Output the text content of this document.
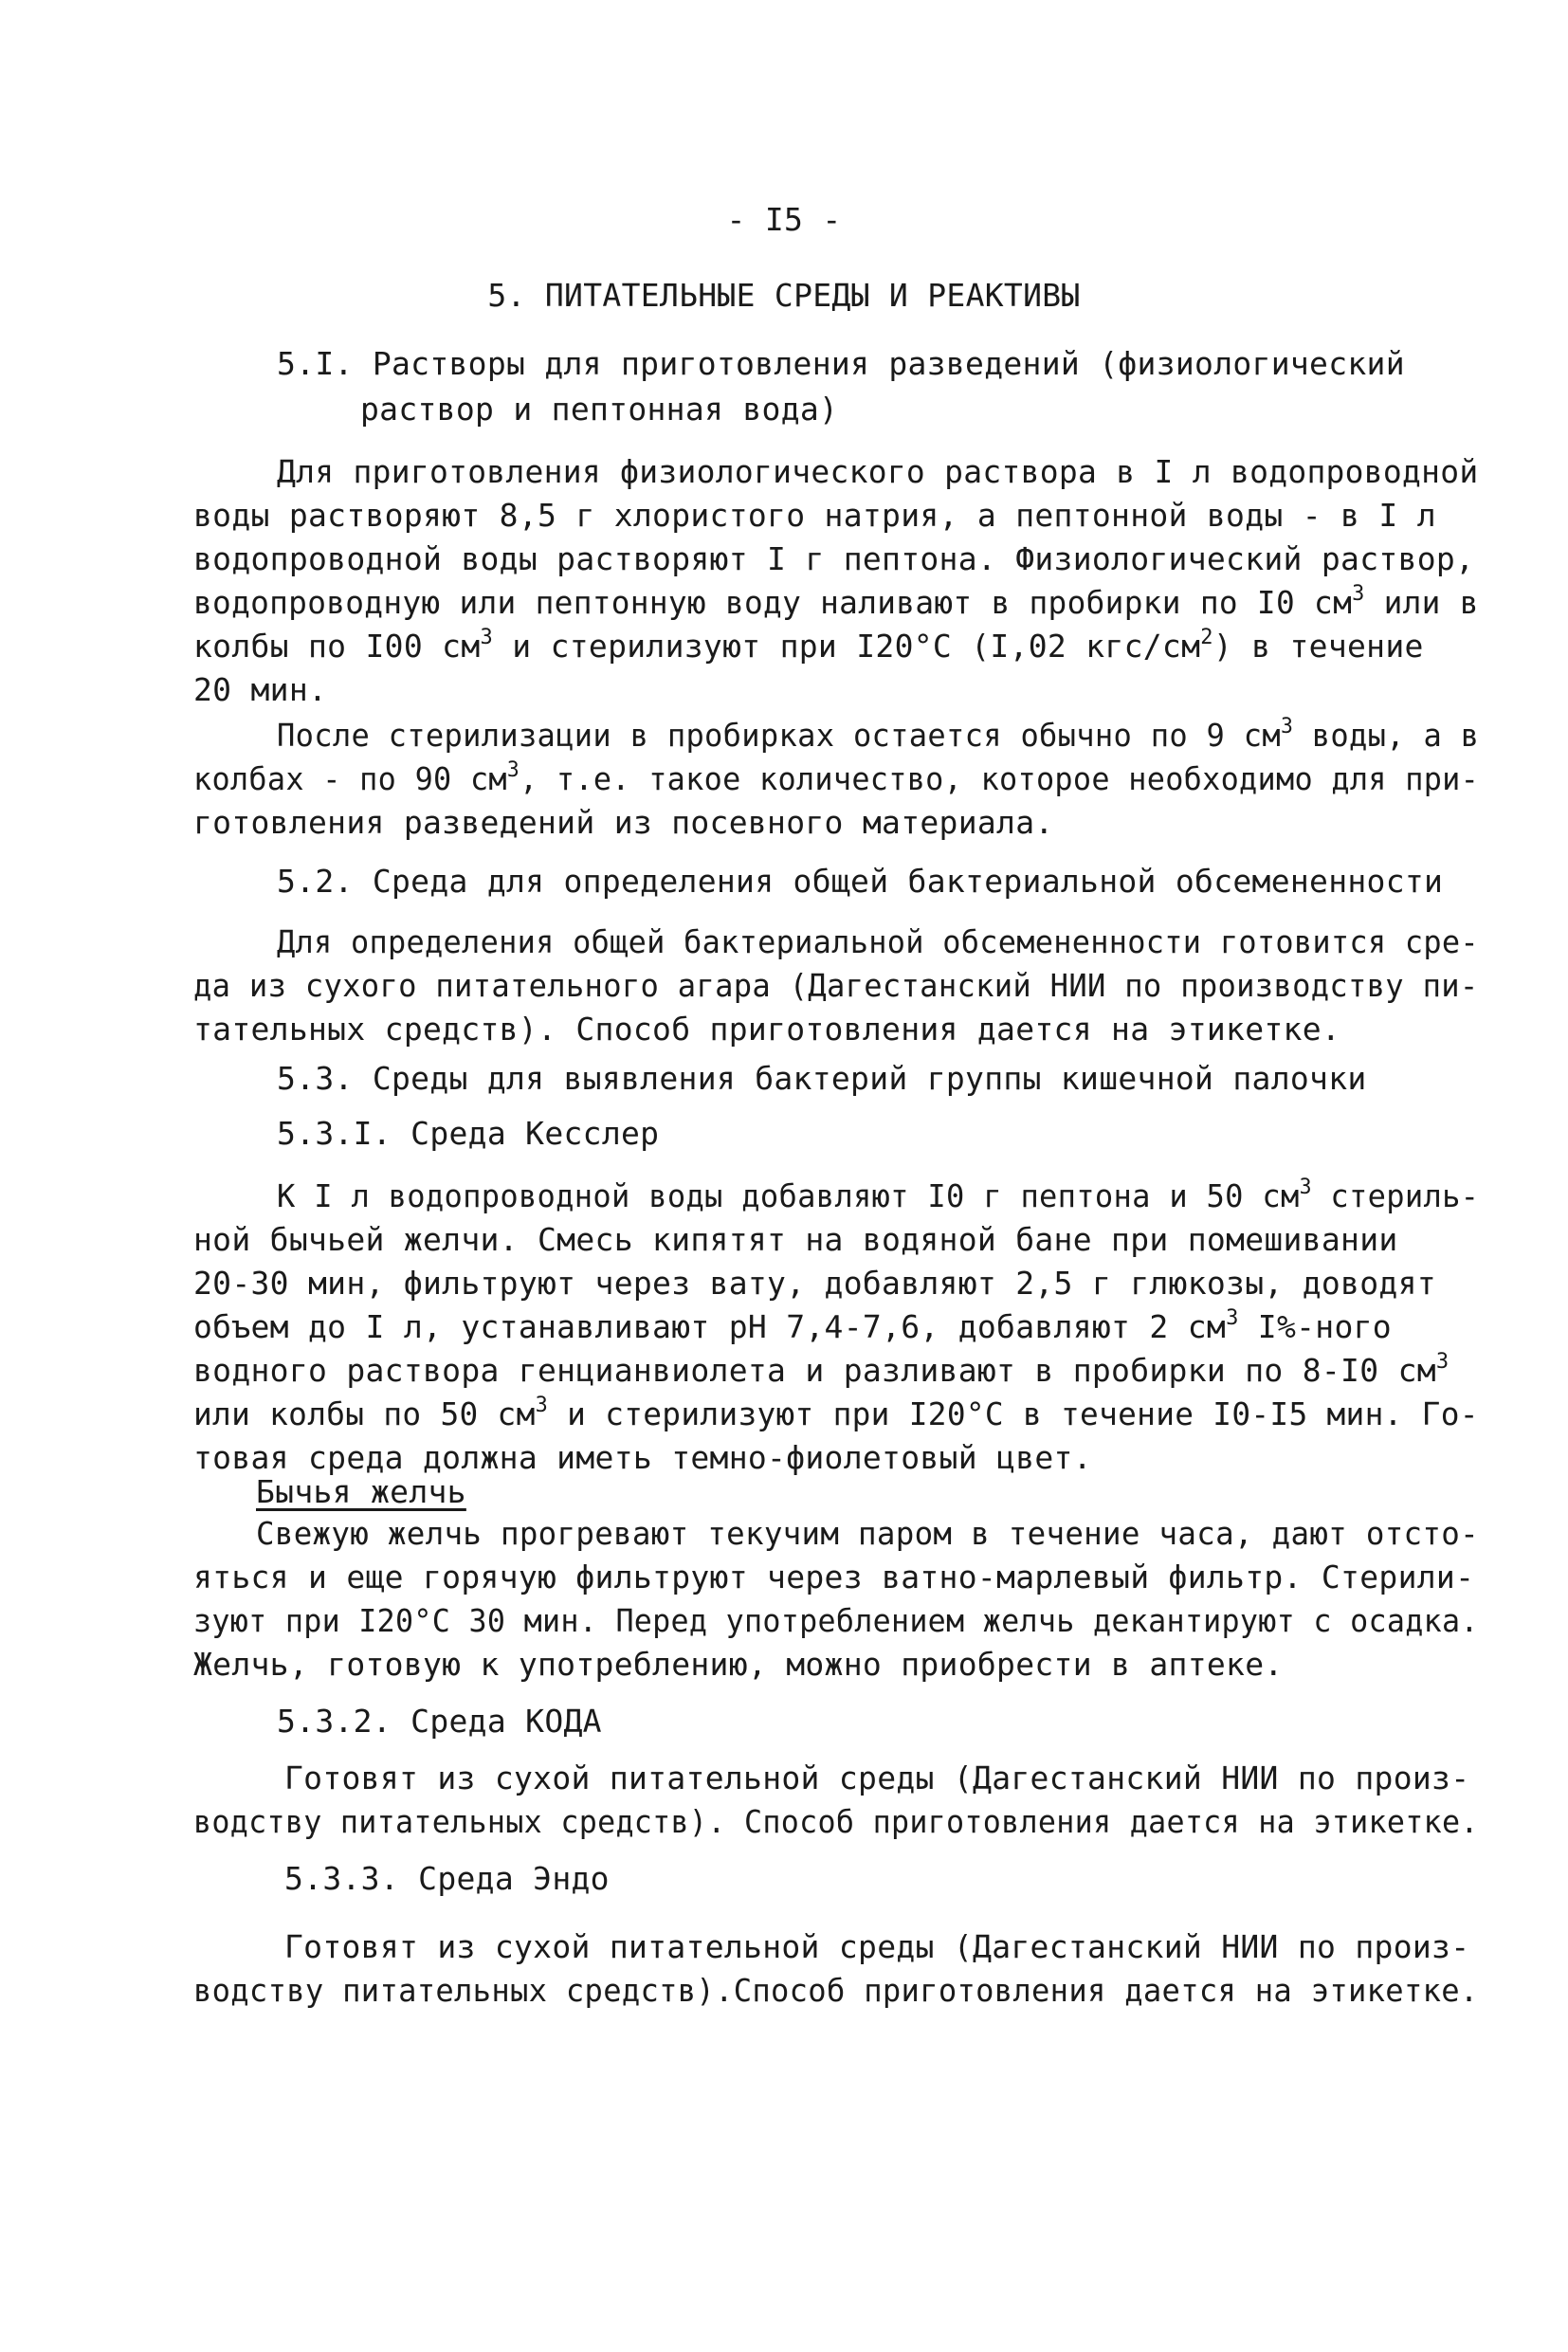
- I5 -
5. ПИТАТЕЛЬНЫЕ СРЕДЫ И РЕАКТИВЫ
5.I. Растворы для приготовления разведений (физиологический
раствор и пептонная вода)
Для приготовления физиологического раствора в I л водопроводной
воды растворяют 8,5 г хлористого натрия, а пептонной воды - в I л
водопроводной воды растворяют I г пептона. Физиологический раствор,
водопроводную или пептонную воду наливают в пробирки по I0 $см^3$ или в
колбы по I00 $см^3$ и стерилизуют при I20°С (I,02 кгс/$см^2$) в течение
20 мин.
После стерилизации в пробирках остается обычно по 9 $см^3$ воды, а в
колбах - по 90 $см^3$, т.е. такое количество, которое необходимо для при-
готовления разведений из посевного материала.
5.2. Среда для определения общей бактериальной обсемененности
Для определения общей бактериальной обсемененности готовится сре-
да из сухого питательного агара (Дагестанский НИИ по производству пи-
тательных средств). Способ приготовления дается на этикетке.
5.3. Среды для выявления бактерий группы кишечной палочки
5.3.I. Среда Кесслер
К I л водопроводной воды добавляют I0 г пептона и 50 $см^3$ стериль-
ной бычьей желчи. Смесь кипятят на водяной бане при помешивании
20-30 мин, фильтруют через вату, добавляют 2,5 г глюкозы, доводят
объем до I л, устанавливают рН 7,4-7,6, добавляют 2 $см^3$ I%-ного
водного раствора генцианвиолета и разливают в пробирки по 8-I0 $см^3$
или колбы по 50 $см^3$ и стерилизуют при I20°С в течение I0-I5 мин. Го-
товая среда должна иметь темно-фиолетовый цвет.
Бычья желчь
Свежую желчь прогревают текучим паром в течение часа, дают отсто-
яться и еще горячую фильтруют через ватно-марлевый фильтр. Стерили-
зуют при I20°С 30 мин. Перед употреблением желчь декантируют с осадка.
Желчь, готовую к употреблению, можно приобрести в аптеке.
5.3.2. Среда КОДА
Готовят из сухой питательной среды (Дагестанский НИИ по произ-
водству питательных средств). Способ приготовления дается на этикетке.
5.3.3. Среда Эндо
Готовят из сухой питательной среды (Дагестанский НИИ по произ-
водству питательных средств).Способ приготовления дается на этикетке.
